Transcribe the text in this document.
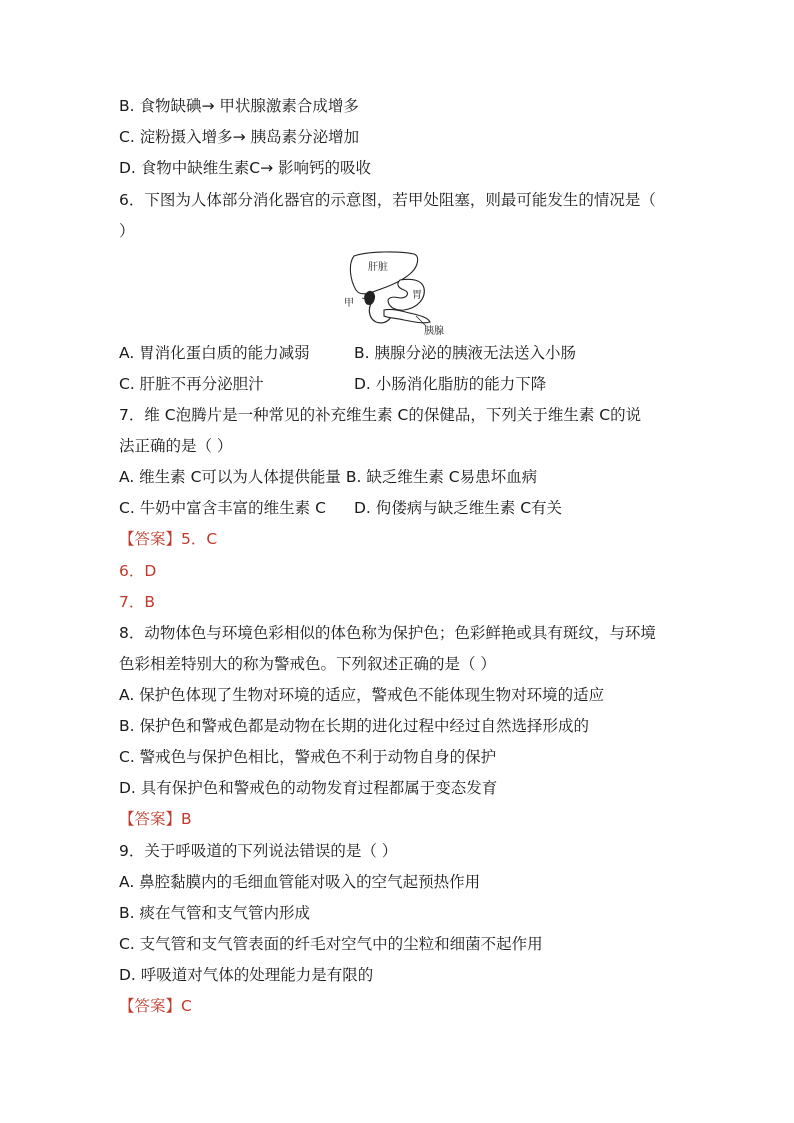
B. 食物缺碘→ 甲状腺激素合成增多
C. 淀粉摄入增多→ 胰岛素分泌增加
D. 食物中缺维生素C→ 影响钙的吸收
6．下图为人体部分消化器官的示意图，若甲处阻塞，则最可能发生的情况是（
）
肝脏
胃
甲
胰腺
A. 胃消化蛋白质的能力减弱	B. 胰腺分泌的胰液无法送入小肠
C. 肝脏不再分泌胆汁	D. 小肠消化脂肪的能力下降
7．维 C泡腾片是一种常见的补充维生素 C的保健品，下列关于维生素 C的说
法正确的是（ ）
A. 维生素 C可以为人体提供能量 B. 缺乏维生素 C易患坏血病
C. 牛奶中富含丰富的维生素 C D. 佝偻病与缺乏维生素 C有关
【答案】5．C
6．D
7．B
8．动物体色与环境色彩相似的体色称为保护色；色彩鲜艳或具有斑纹，与环境
色彩相差特别大的称为警戒色。下列叙述正确的是（ ）
A. 保护色体现了生物对环境的适应，警戒色不能体现生物对环境的适应
B. 保护色和警戒色都是动物在长期的进化过程中经过自然选择形成的
C. 警戒色与保护色相比，警戒色不利于动物自身的保护
D. 具有保护色和警戒色的动物发育过程都属于变态发育
【答案】B
9．关于呼吸道的下列说法错误的是（ ）
A. 鼻腔黏膜内的毛细血管能对吸入的空气起预热作用
B. 痰在气管和支气管内形成
C. 支气管和支气管表面的纤毛对空气中的尘粒和细菌不起作用
D. 呼吸道对气体的处理能力是有限的
【答案】C
